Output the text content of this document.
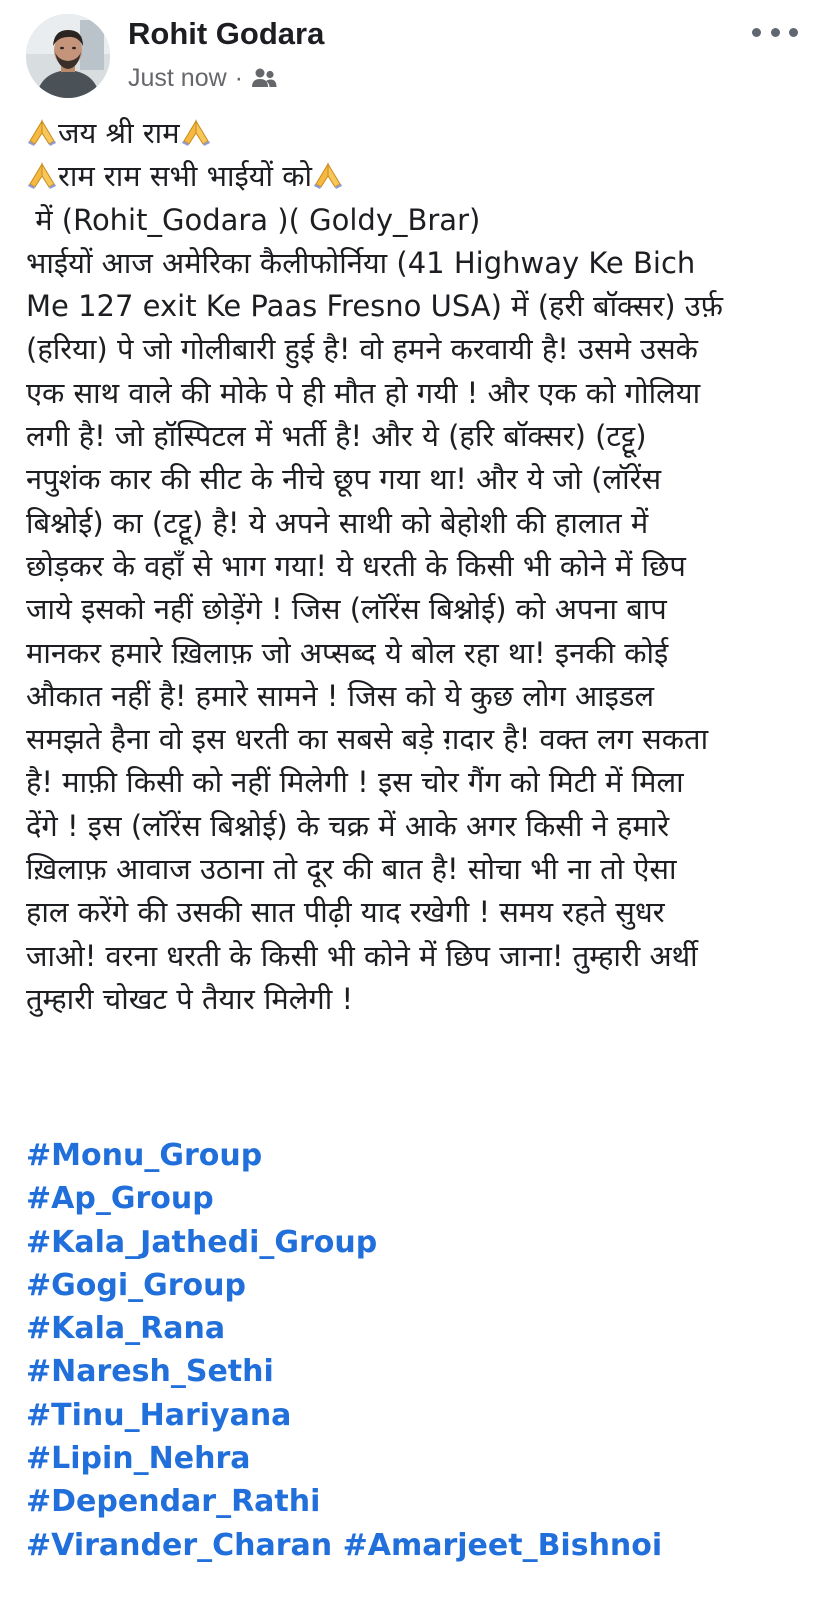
Rohit Godara
Just now ·
जय श्री राम
राम राम सभी भाईयों को
में (Rohit_Godara )( Goldy_Brar)
भाईयों आज अमेरिका कैलीफोर्निया (41 Highway Ke Bich
Me 127 exit Ke Paas Fresno USA) में (हरी बॉक्सर) उर्फ़
(हरिया) पे जो गोलीबारी हुई है! वो हमने करवायी है! उसमे उसके
एक साथ वाले की मोके पे ही मौत हो गयी ! और एक को गोलिया
लगी है! जो हॉस्पिटल में भर्ती है! और ये (हरि बॉक्सर) (टट्टू)
नपुशंक कार की सीट के नीचे छूप गया था! और ये जो (लॉरेंस
बिश्नोई) का (टट्टू) है! ये अपने साथी को बेहोशी की हालात में
छोड़कर के वहाँ से भाग गया! ये धरती के किसी भी कोने में छिप
जाये इसको नहीं छोड़ेंगे ! जिस (लॉरेंस बिश्नोई) को अपना बाप
मानकर हमारे ख़िलाफ़ जो अप्सब्द ये बोल रहा था! इनकी कोई
औकात नहीं है! हमारे सामने ! जिस को ये कुछ लोग आइडल
समझते हैना वो इस धरती का सबसे बड़े ग़दार है! वक्त लग सकता
है! माफ़ी किसी को नहीं मिलेगी ! इस चोर गैंग को मिटी में मिला
देंगे ! इस (लॉरेंस बिश्नोई) के चक्र में आके अगर किसी ने हमारे
ख़िलाफ़ आवाज उठाना तो दूर की बात है! सोचा भी ना तो ऐसा
हाल करेंगे की उसकी सात पीढ़ी याद रखेगी ! समय रहते सुधर
जाओ! वरना धरती के किसी भी कोने में छिप जाना! तुम्हारी अर्थी
तुम्हारी चोखट पे तैयार मिलेगी !
#Monu_Group
#Ap_Group
#Kala_Jathedi_Group
#Gogi_Group
#Kala_Rana
#Naresh_Sethi
#Tinu_Hariyana
#Lipin_Nehra
#Dependar_Rathi
#Virander_Charan #Amarjeet_Bishnoi
